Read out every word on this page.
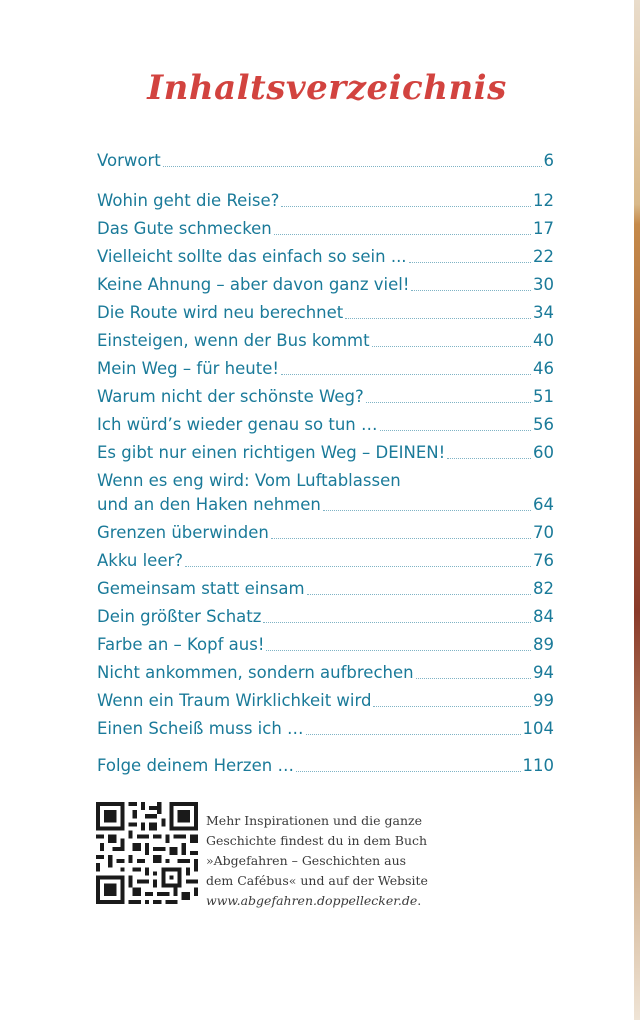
Inhaltsverzeichnis
Vorwort	6
Wohin geht die Reise?	12
Das Gute schmecken	17
Vielleicht sollte das einfach so sein ...	22
Keine Ahnung – aber davon ganz viel!	30
Die Route wird neu berechnet	34
Einsteigen, wenn der Bus kommt	40
Mein Weg – für heute!	46
Warum nicht der schönste Weg?	51
Ich würd’s wieder genau so tun …	56
Es gibt nur einen richtigen Weg – DEINEN!	60
Wenn es eng wird: Vom Luftablassen
und an den Haken nehmen	64
Grenzen überwinden	70
Akku leer?	76
Gemeinsam statt einsam	82
Dein größter Schatz	84
Farbe an – Kopf aus!	89
Nicht ankommen, sondern aufbrechen	94
Wenn ein Traum Wirklichkeit wird	99
Einen Scheiß muss ich …	104
Folge deinem Herzen …	110
Mehr Inspirationen und die ganze
Geschichte findest du in dem Buch
»Abgefahren – Geschichten aus
dem Cafébus« und auf der Website
www.abgefahren.doppellecker.de.
